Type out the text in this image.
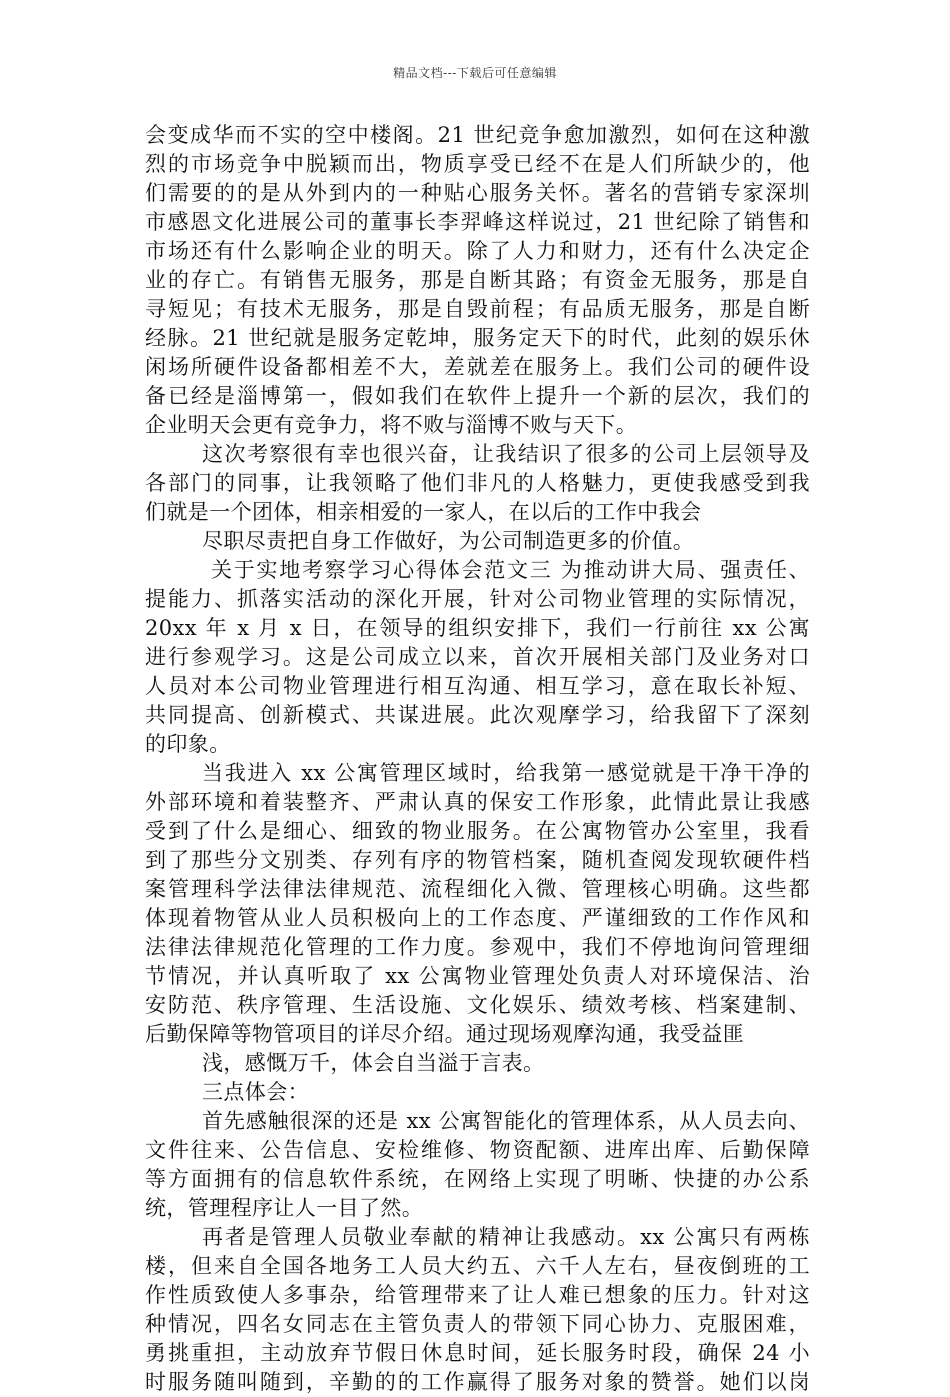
精品文档---下载后可任意编辑
会变成华而不实的空中楼阁。21 世纪竞争愈加激烈，如何在这种激
烈的市场竞争中脱颖而出，物质享受已经不在是人们所缺少的，他
们需要的的是从外到内的一种贴心服务关怀。著名的营销专家深圳
市感恩文化进展公司的董事长李羿峰这样说过，21 世纪除了销售和
市场还有什么影响企业的明天。除了人力和财力，还有什么决定企
业的存亡。有销售无服务，那是自断其路；有资金无服务，那是自
寻短见；有技术无服务，那是自毁前程；有品质无服务，那是自断
经脉。21 世纪就是服务定乾坤，服务定天下的时代，此刻的娱乐休
闲场所硬件设备都相差不大，差就差在服务上。我们公司的硬件设
备已经是淄博第一，假如我们在软件上提升一个新的层次，我们的
企业明天会更有竞争力，将不败与淄博不败与天下。
这次考察很有幸也很兴奋，让我结识了很多的公司上层领导及
各部门的同事，让我领略了他们非凡的人格魅力，更使我感受到我
们就是一个团体，相亲相爱的一家人，在以后的工作中我会
尽职尽责把自身工作做好，为公司制造更多的价值。
关于实地考察学习心得体会范文三 为推动讲大局、强责任、
提能力、抓落实活动的深化开展，针对公司物业管理的实际情况，
20xx 年 x 月 x 日，在领导的组织安排下，我们一行前往 xx 公寓
进行参观学习。这是公司成立以来，首次开展相关部门及业务对口
人员对本公司物业管理进行相互沟通、相互学习，意在取长补短、
共同提高、创新模式、共谋进展。此次观摩学习，给我留下了深刻
的印象。
当我进入 xx 公寓管理区域时，给我第一感觉就是干净干净的
外部环境和着装整齐、严肃认真的保安工作形象，此情此景让我感
受到了什么是细心、细致的物业服务。在公寓物管办公室里，我看
到了那些分文别类、存列有序的物管档案，随机查阅发现软硬件档
案管理科学法律法律规范、流程细化入微、管理核心明确。这些都
体现着物管从业人员积极向上的工作态度、严谨细致的工作作风和
法律法律规范化管理的工作力度。参观中，我们不停地询问管理细
节情况，并认真听取了 xx 公寓物业管理处负责人对环境保洁、治
安防范、秩序管理、生活设施、文化娱乐、绩效考核、档案建制、
后勤保障等物管项目的详尽介绍。通过现场观摩沟通，我受益匪
浅，感慨万千，体会自当溢于言表。
三点体会：
首先感触很深的还是 xx 公寓智能化的管理体系，从人员去向、
文件往来、公告信息、安检维修、物资配额、进库出库、后勤保障
等方面拥有的信息软件系统，在网络上实现了明晰、快捷的办公系
统，管理程序让人一目了然。
再者是管理人员敬业奉献的精神让我感动。xx 公寓只有两栋
楼，但来自全国各地务工人员大约五、六千人左右，昼夜倒班的工
作性质致使人多事杂，给管理带来了让人难已想象的压力。针对这
种情况，四名女同志在主管负责人的带领下同心协力、克服困难，
勇挑重担，主动放弃节假日休息时间，延长服务时段，确保 24 小
时服务随叫随到，辛勤的的工作赢得了服务对象的赞誉。她们以岗
